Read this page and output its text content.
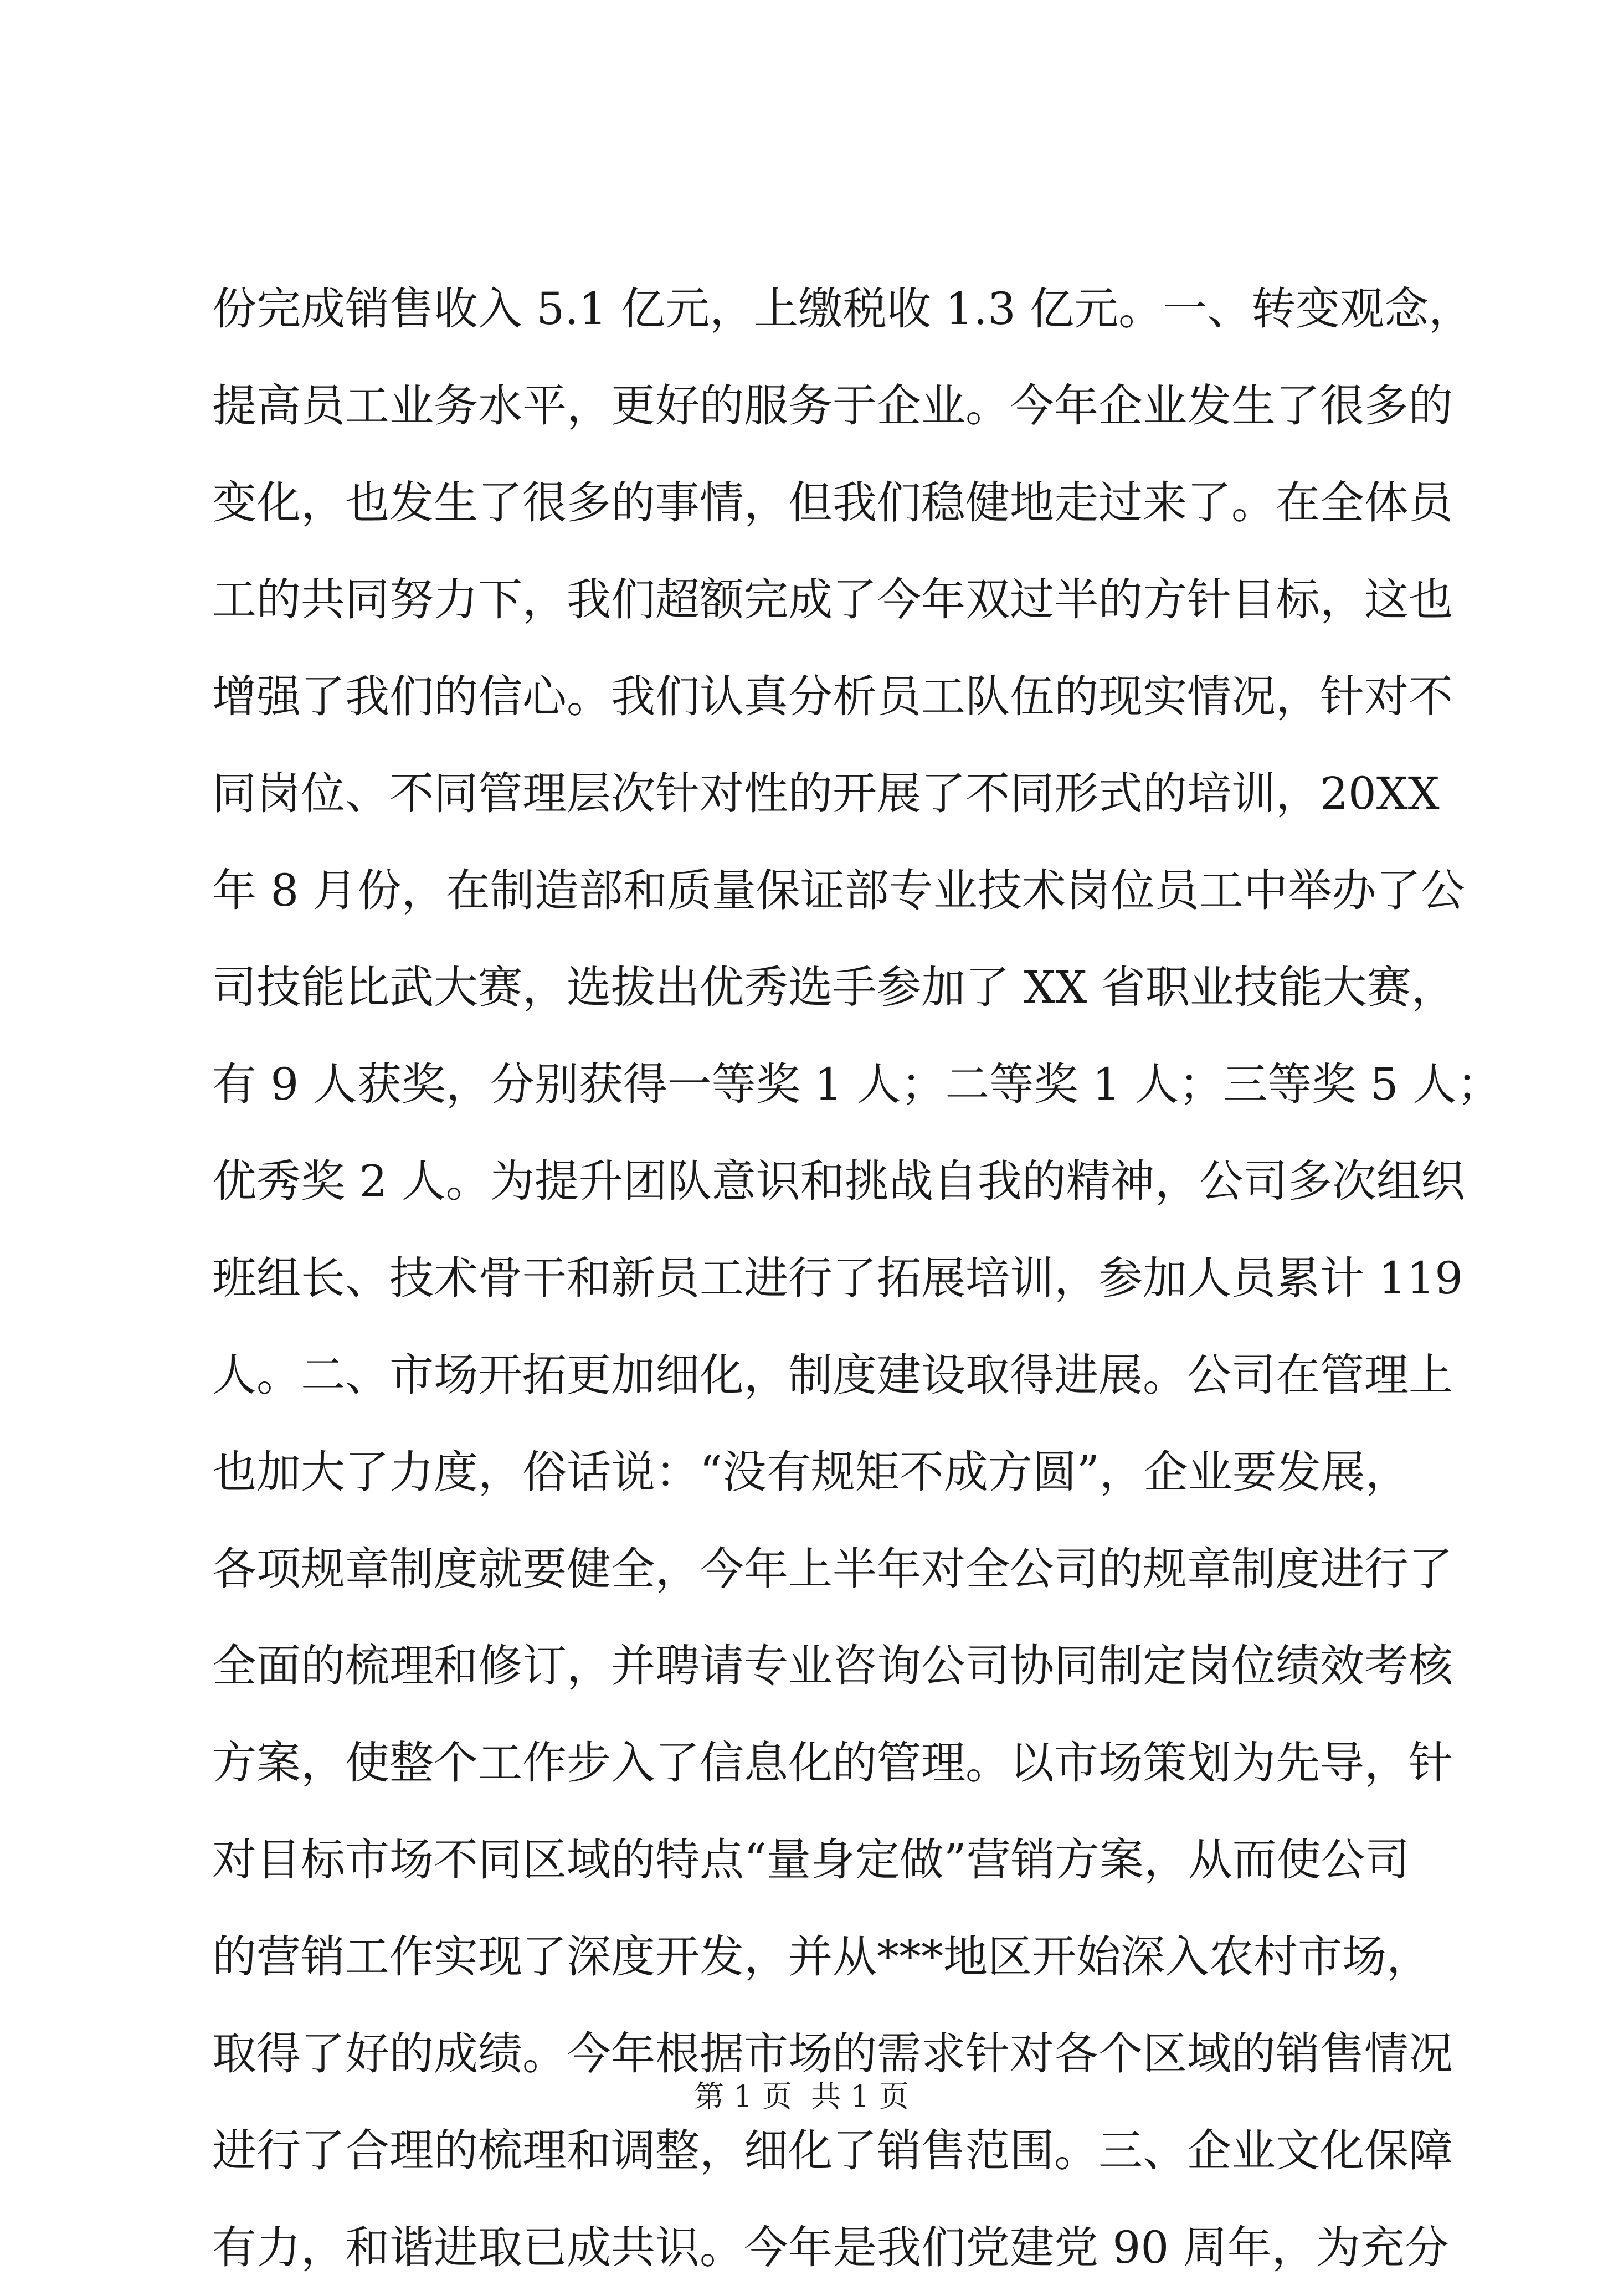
份完成销售收入 5.1 亿元，上缴税收 1.3 亿元。一、转变观念，
提高员工业务水平，更好的服务于企业。今年企业发生了很多的
变化，也发生了很多的事情，但我们稳健地走过来了。在全体员
工的共同努力下，我们超额完成了今年双过半的方针目标，这也
增强了我们的信心。我们认真分析员工队伍的现实情况，针对不
同岗位、不同管理层次针对性的开展了不同形式的培训，20XX
年 8 月份，在制造部和质量保证部专业技术岗位员工中举办了公
司技能比武大赛，选拔出优秀选手参加了 XX 省职业技能大赛，
有 9 人获奖，分别获得一等奖 1 人；二等奖 1 人；三等奖 5 人；
优秀奖 2 人。为提升团队意识和挑战自我的精神，公司多次组织
班组长、技术骨干和新员工进行了拓展培训，参加人员累计 119
人。二、市场开拓更加细化，制度建设取得进展。公司在管理上
也加大了力度，俗话说：“没有规矩不成方圆”，企业要发展，
各项规章制度就要健全，今年上半年对全公司的规章制度进行了
全面的梳理和修订，并聘请专业咨询公司协同制定岗位绩效考核
方案，使整个工作步入了信息化的管理。以市场策划为先导，针
对目标市场不同区域的特点“量身定做”营销方案，从而使公司
的营销工作实现了深度开发，并从***地区开始深入农村市场，
取得了好的成绩。今年根据市场的需求针对各个区域的销售情况
进行了合理的梳理和调整，细化了销售范围。三、企业文化保障
有力，和谐进取已成共识。今年是我们党建党 90 周年，为充分
第 1 页  共 1 页
